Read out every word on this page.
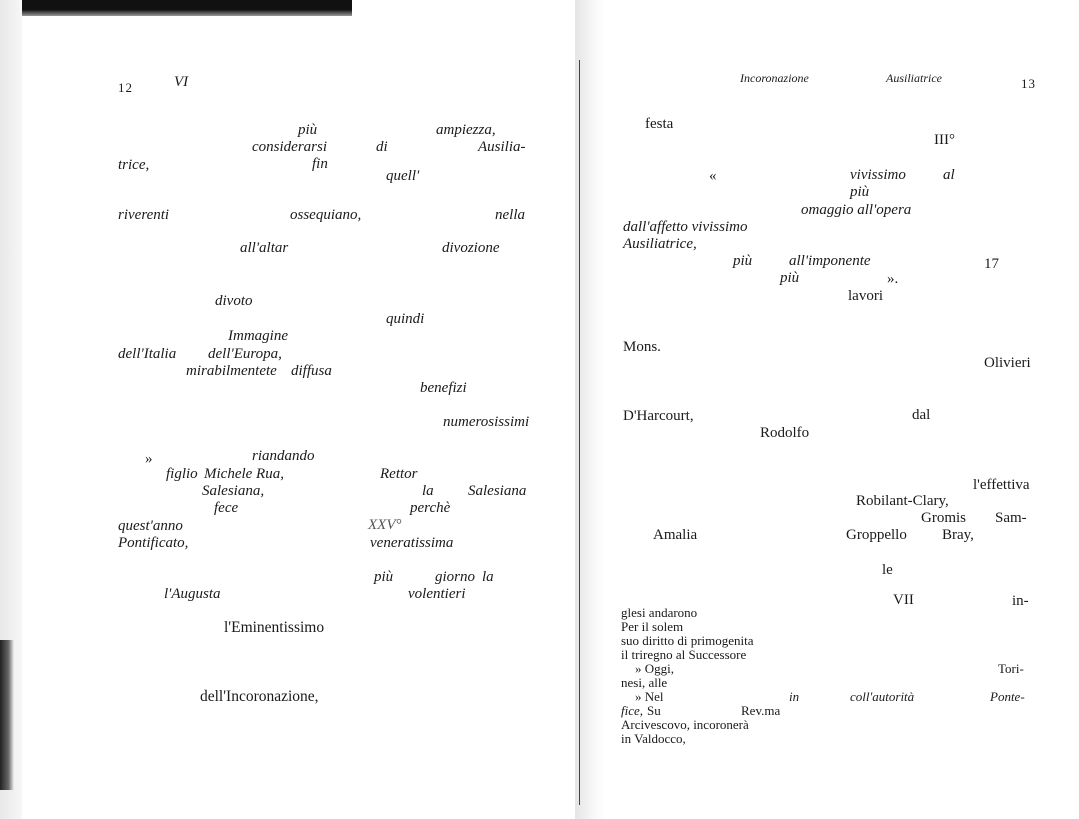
12	VI
più	ampiezza,
considerarsi	di	Ausilia-
trice,	fin
quell'
riverenti	ossequiano,	nella
all'altar	divozione
divoto
quindi
Immagine
dell'Italia dell'Europa,
mirabilmentete diffusa
benefizi
numerosissimi
»	riandando
figlio Michele Rua,	Rettor
Salesiana,	la Salesiana
fece	perchè
quest'anno	XXV°
Pontificato,	veneratissima
più	giorno la
l'Augusta	volentieri
l'Eminentissimo
dell'Incoronazione,
Incoronazione	Ausiliatrice	13
festa
III°
«	vivissimo al
più
omaggio all'opera
dall'affetto vivissimo
Ausiliatrice,
più all'imponente	17
più	».
lavori
Mons.
Olivieri
D'Harcourt,	dal
Rodolfo
l'effettiva
Robilant-Clary,
Gromis Sam-
Amalia	Groppello Bray,
le
VII	in-
glesi andarono
Per il solem
suo diritto di primogenita
il triregno al Successore
» Oggi,	Tori-
nesi, alle
» Nel	in	coll'autorità	Ponte-
fice, Su	Rev.ma
Arcivescovo, incoronerà
in Valdocco,
